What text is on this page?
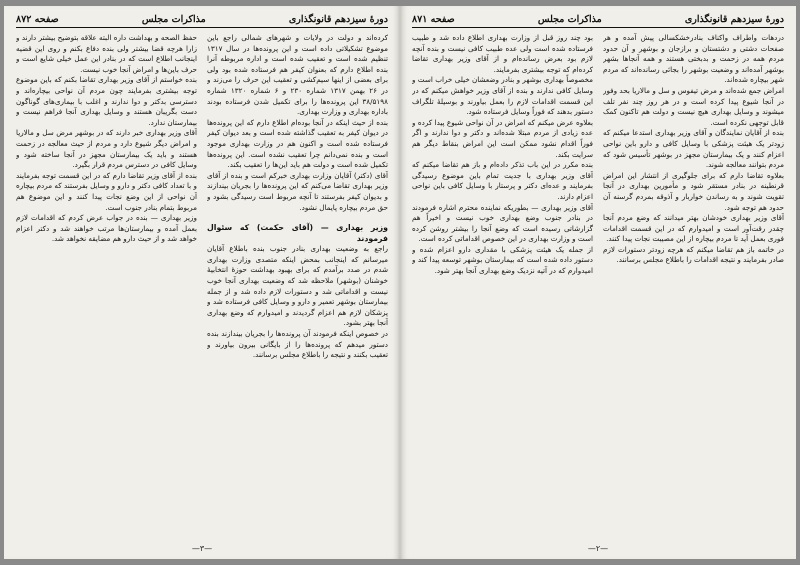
دورهٔ سیزدهم قانونگذاری
مذاکرات مجلس
صفحه ۸۷۲

کرده‌اند و دولت در ولایات و شهرهای شمالی راجع باین موضوع تشکیلاتی داده است و این پرونده‌ها در سال ۱۳۱۷ تنظیم شده است و تعقیب شده است و اداره مربوطه آنرا بنده اطلاع دارم که بعنوان کیفر هم فرستاده شده بود ولی برای بعضی از اینها سیم‌کشی و تعقیب این حرف را می‌زند و در ۲۶ بهمن ۱۳۱۷ شماره ۲۳۰ و ۶ شماره ۱۳۲۰ شماره ۳۸/۵۱۹۸ این پرونده‌ها را برای تکمیل شدن فرستاده بودند باداره بهداری و وزارت بهداری.

بنده از حیث اینکه در آنجا بوده‌ام اطلاع دارم که این پرونده‌ها در دیوان کیفر به تعقیب گذاشته شده است و بعد دیوان کیفر فرستاده شده است و اکنون هم در وزارت بهداری موجود است و بنده نمی‌دانم چرا تعقیب نشده است. این پرونده‌ها تکمیل شده است و دولت هم باید این‌ها را تعقیب بکند.

آقای (دکتر) آقایان وزارت بهداری خبرکم است و بنده از آقای وزیر بهداری تقاضا می‌کنم که این پرونده‌ها را بجریان بیندازند و بدیوان کیفر بفرستند تا آنچه مربوط است رسیدگی بشود و حق مردم بیچاره پایمال نشود.

وزیر بهداری — (آقای حکمت) که سئوال فرمودند

راجع به وضعیت بهداری بنادر جنوب بنده باطلاع آقایان میرسانم که اینجانب بمحض اینکه متصدی وزارت بهداری شدم در صدد برآمدم که برای بهبود بهداشت حوزهٔ انتخابیهٔ خوشنان (بوشهر) ملاحظه شد که وضعیت بهداری آنجا خوب نیست و اقداماتی شد و دستورات لازم داده شد و از جمله بیمارستان بوشهر تعمیر و دارو و وسایل کافی فرستاده شد و پزشکان لازم هم اعزام گردیدند و امیدوارم که وضع بهداری آنجا بهتر بشود.

در خصوص اینکه فرمودند آن پرونده‌ها را بجریان بیندازند بنده دستور میدهم که پرونده‌ها را از بایگانی بیرون بیاورند و تعقیب بکنند و نتیجه را باطلاع مجلس برسانند.

حفظ الصحه و بهداشت داره البته علاقه بتوضیح بیشتر دارند و زارا هرچه قضا بیشتر ولی بنده دفاع بکنم و روی این قضیه اینجانب اطلاع است که در بنادر این عمل خیلی شایع است و حرف باین‌ها و امراض آنجا خوب نیست.

بنده خواستم از آقای وزیر بهداری تقاضا بکنم که باین موضوع توجه بیشتری بفرمایند چون مردم آن نواحی بیچاره‌اند و دسترسی بدکتر و دوا ندارند و اغلب با بیماری‌های گوناگون دست بگریبان هستند و وسایل بهداری آنجا فراهم نیست و بیمارستان ندارد.

آقای وزیر بهداری خبر دارند که در بوشهر مرض سل و مالاریا و امراض دیگر شیوع دارد و مردم از حیث معالجه در زحمت هستند و باید یک بیمارستان مجهز در آنجا ساخته شود و وسایل کافی در دسترس مردم قرار بگیرد.

بنده از آقای وزیر تقاضا دارم که در این قسمت توجه بفرمایند و با تعداد کافی دکتر و دارو و وسایل بفرستند که مردم بیچاره آن نواحی از این وضع نجات پیدا کنند و این موضوع هم مربوط بتمام بنادر جنوب است.

وزیر بهداری — بنده در جواب عرض کردم که اقدامات لازم بعمل آمده و بیمارستان‌ها مرتب خواهند شد و دکتر اعزام خواهد شد و از حیث دارو هم مضایقه نخواهد شد.

—۳—
دورهٔ سیزدهم قانونگذاری
مذاکرات مجلس
صفحه ۸۷۱

دردهات واطراف واکناف بنادرخشکسالی پیش آمده و هر صفحات دشتی و دشتستان و برازجان و بوشهر و آن حدود مردم همه در زحمت و بدبختی هستند و همه آنجاها بشهر بوشهر آمده‌اند و وضعیت بوشهر را بجائی رسانده‌اند که مردم شهر بیچاره شده‌اند.

امراض جمع شده‌اند و مرض تیفوس و سل و مالاریا بحد وفور در آنجا شیوع پیدا کرده است و در هر روز چند نفر تلف میشوند و وسایل بهداری هیچ نیست و دولت هم تاکنون کمک قابل توجهی نکرده است.

بنده از آقایان نمایندگان و آقای وزیر بهداری استدعا میکنم که زودتر یک هیئت پزشکی با وسایل کافی و دارو باین نواحی اعزام کنند و یک بیمارستان مجهز در بوشهر تأسیس شود که مردم بتوانند معالجه شوند.

بعلاوه تقاضا دارم که برای جلوگیری از انتشار این امراض قرنطینه در بنادر مستقر شود و مأمورین بهداری در آنجا تقویت شوند و به رساندن خواربار و آذوقه بمردم گرسنه آن حدود هم توجه شود.

آقای وزیر بهداری خودشان بهتر میدانند که وضع مردم آنجا چقدر رقت‌آور است و امیدوارم که در این قسمت اقدامات فوری بعمل آید تا مردم بیچاره از این مصیبت نجات پیدا کنند.

در خاتمه باز هم تقاضا میکنم که هرچه زودتر دستورات لازم صادر بفرمایند و نتیجه اقدامات را باطلاع مجلس برسانند.

بود چند روز قبل از وزارت بهداری اطلاع داده شد و طبیب فرستاده شده است ولی عده طبیب کافی نیست و بنده آنچه لازم بود بعرض رسانده‌ام و از آقای وزیر بهداری تقاضا کرده‌ام که توجه بیشتری بفرمایند.

مخصوصاً بهداری بوشهر و بنادر وضعشان خیلی خراب است و وسایل کافی ندارند و بنده از آقای وزیر خواهش میکنم که در این قسمت اقدامات لازم را بعمل بیاورند و بوسیلهٔ تلگراف دستور بدهند که فوراً وسایل فرستاده شود.

بعلاوه عرض میکنم که امراض در آن نواحی شیوع پیدا کرده و عده زیادی از مردم مبتلا شده‌اند و دکتر و دوا ندارند و اگر فوراً اقدام نشود ممکن است این امراض بنقاط دیگر هم سرایت بکند.

بنده مکرر در این باب تذکر داده‌ام و باز هم تقاضا میکنم که آقای وزیر بهداری با جدیت تمام باین موضوع رسیدگی بفرمایند و عده‌ای دکتر و پرستار با وسایل کافی باین نواحی اعزام دارند.

آقای وزیر بهداری — بطوریکه نماینده محترم اشاره فرمودند در بنادر جنوب وضع بهداری خوب نیست و اخیراً هم گزارشاتی رسیده است که وضع آنجا را بیشتر روشن کرده است و وزارت بهداری در این خصوص اقداماتی کرده است.

از جمله یک هیئت پزشکی با مقداری دارو اعزام شده و دستور داده شده است که بیمارستان بوشهر توسعه پیدا کند و امیدوارم که در آتیه نزدیک وضع بهداری آنجا بهتر شود.

—۲—
